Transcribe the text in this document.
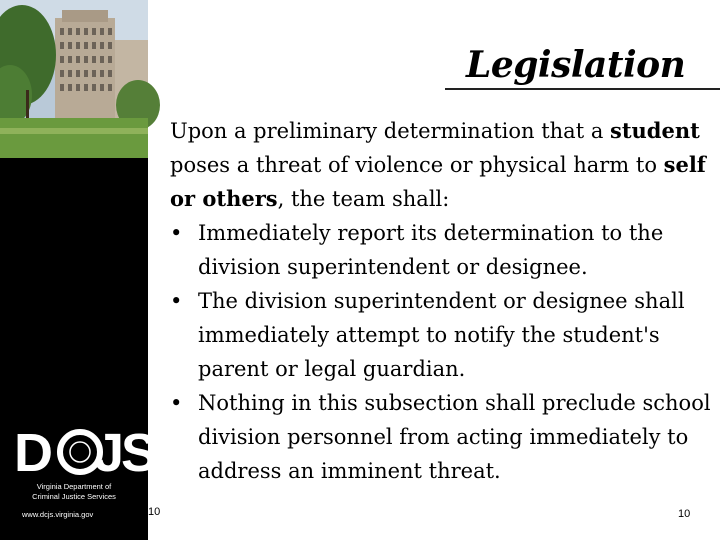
D JS
Virginia Department of
Criminal Justice Services
www.dcjs.virginia.gov	10
Legislation
Upon a preliminary determination that a student poses a threat of violence or physical harm to self or others, the team shall:
• Immediately report its determination to the division superintendent or designee.
• The division superintendent or designee shall immediately attempt to notify the student's parent or legal guardian.
• Nothing in this subsection shall preclude school division personnel from acting immediately to address an imminent threat.
10
